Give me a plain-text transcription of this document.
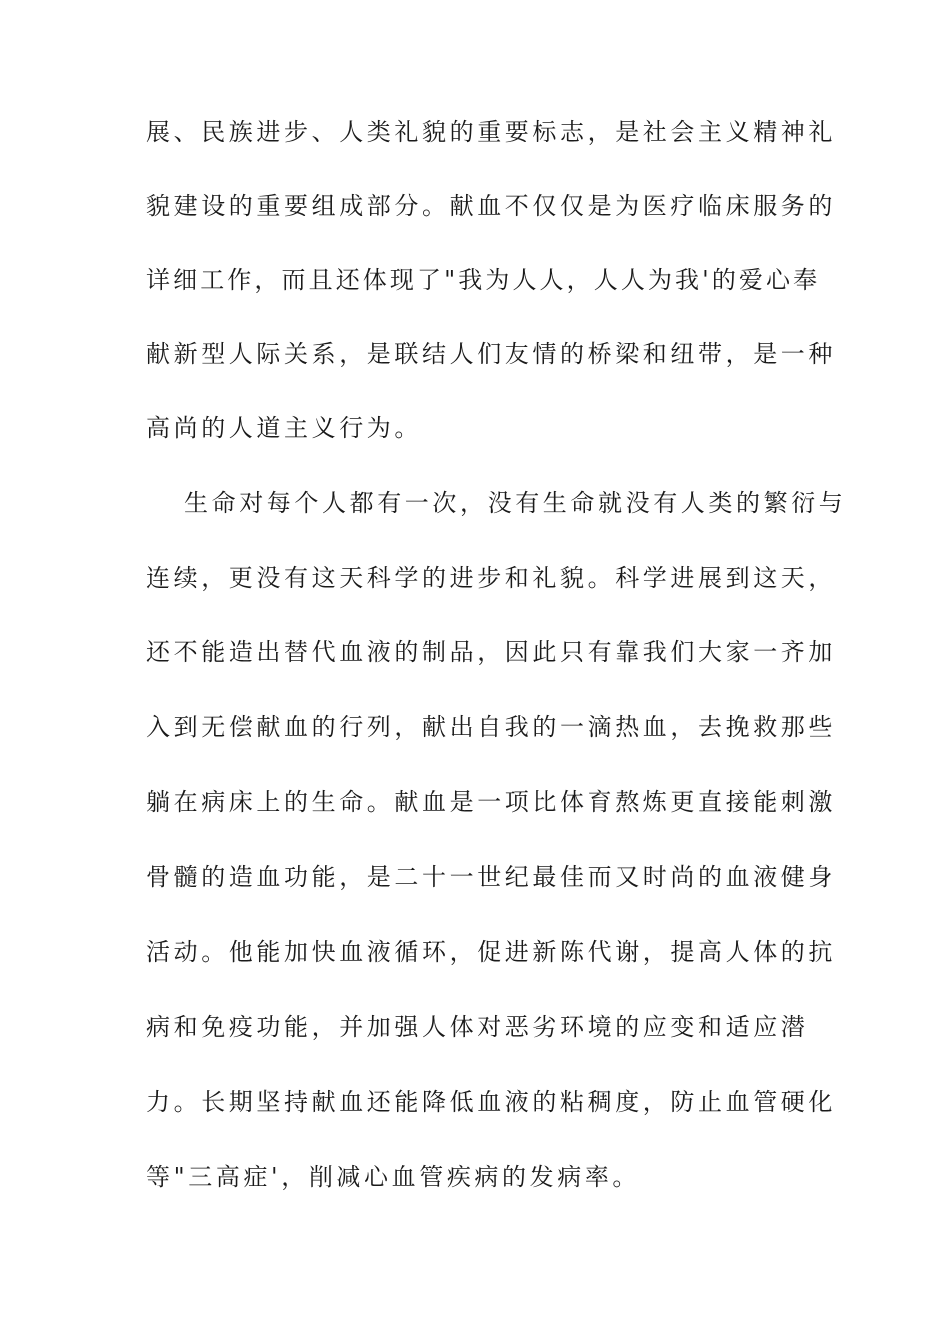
展、民族进步、人类礼貌的重要标志，是社会主义精神礼

貌建设的重要组成部分。献血不仅仅是为医疗临床服务的

详细工作，而且还体现了"我为人人，人人为我'的爱心奉

献新型人际关系，是联结人们友情的桥梁和纽带，是一种

高尚的人道主义行为。

生命对每个人都有一次，没有生命就没有人类的繁衍与

连续，更没有这天科学的进步和礼貌。科学进展到这天，

还不能造出替代血液的制品，因此只有靠我们大家一齐加

入到无偿献血的行列，献出自我的一滴热血，去挽救那些

躺在病床上的生命。献血是一项比体育熬炼更直接能刺激

骨髓的造血功能，是二十一世纪最佳而又时尚的血液健身

活动。他能加快血液循环，促进新陈代谢，提高人体的抗

病和免疫功能，并加强人体对恶劣环境的应变和适应潜

力。长期坚持献血还能降低血液的粘稠度，防止血管硬化

等"三高症'，削减心血管疾病的发病率。
